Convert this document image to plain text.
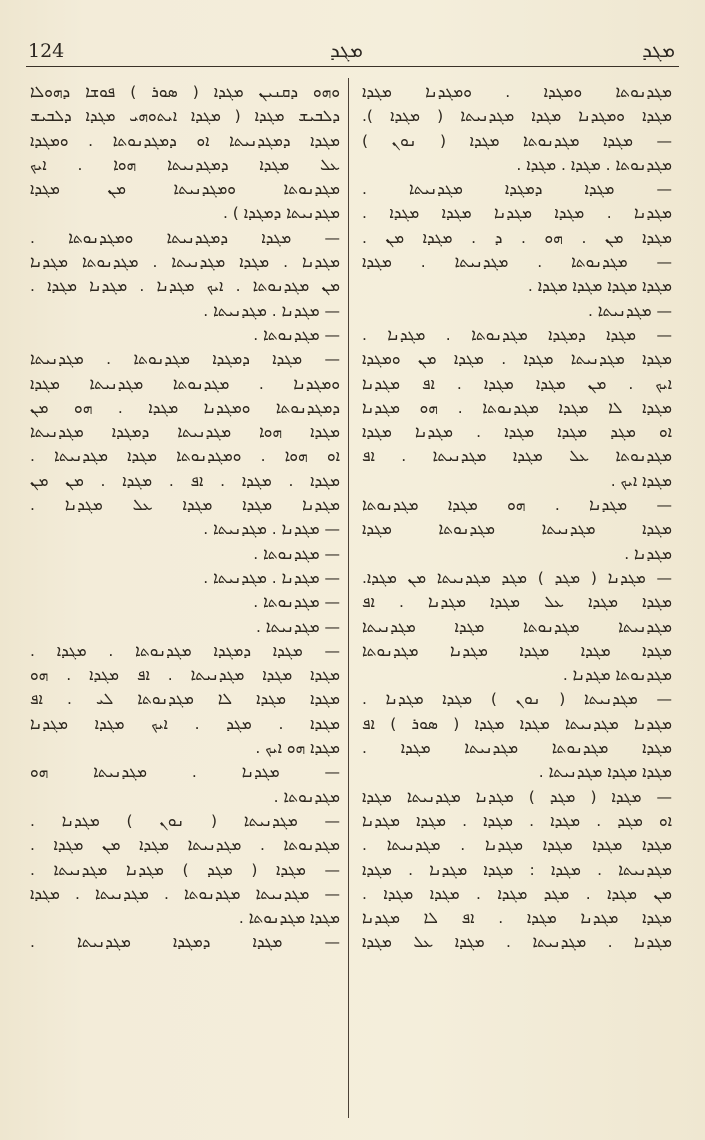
124	ܡܓܕ	ܡܓܕ
ܘܗܘ ܕܩܢܝܢ ܡܓܕܐ ( ܣܘܪ ) ܦܘܫܐ ܕܗܘܠܐ
ܕܠܒܝܫ ܡܓܕܐ ( ܡܓܕܐ ܐܝܬܘܗܝ ܡܓܕܐ ܕܠܒܝܫ
ܡܓܕܐ ܕܡܓܕܢܝܬܐ ܐܘ ܕܡܓܕܢܘܬܐ . ܘܡܓܕܐ
ܥܠ ܡܓܕܐ ܕܡܓܕܢܝܬܐ ܗܘܐ . ܐܝܟ
ܡܓܕܢܘܬܐ ܘܡܓܕܢܝܬܐ ܡܢ ܡܓܕܐ
ܡܓܕܢܝܬܐ ܕܡܓܕܐ ) .
— ܡܓܕܐ ܕܡܓܕܢܝܬܐ ܘܡܓܕܢܘܬܐ .
ܡܓܕܢܐ . ܡܓܕܐ ܡܓܕܢܝܬܐ . ܡܓܕܢܘܬܐ ܡܓܕܢܐ
ܡܢ ܡܓܕܢܘܬܐ . ܐܝܟ ܡܓܕܢܐ . ܡܓܕܢܐ ܡܓܕܐ .
— ܡܓܕܢܐ . ܡܓܕܢܝܬܐ .
— ܡܓܕܢܘܬܐ .
— ܡܓܕܐ ܕܡܓܕܐ ܡܓܕܢܘܬܐ . ܡܓܕܢܝܬܐ
ܘܡܓܕܢܐ . ܡܓܕܢܘܬܐ ܡܓܕܢܝܬܐ ܡܓܕܐ
ܕܡܓܕܢܘܬܐ ܘܡܓܕܢܐ ܡܓܕܐ . ܗܘ ܡܢ
ܡܓܕܐ ܗܘܐ ܡܓܕܢܝܬܐ ܕܡܓܕܐ ܡܓܕܢܝܬܐ
ܐܘ ܗܘܐ . ܘܡܓܕܢܘܬܐ ܡܓܕܐ ܡܓܕܢܝܬܐ .
ܡܓܕܐ . ܡܓܕܐ . ܐܦ . ܡܓܕܐ . ܡܢ ܡܢ
ܡܓܕܢܐ ܡܓܕܐ ܡܓܕܐ ܥܠ ܡܓܕܢܐ .
— ܡܓܕܢܐ . ܡܓܕܢܝܬܐ .
— ܡܓܕܢܘܬܐ .
— ܡܓܕܢܐ . ܡܓܕܢܝܬܐ .
— ܡܓܕܢܘܬܐ .
— ܡܓܕܢܝܬܐ .
— ܡܓܕܐ ܕܡܓܕܐ ܡܓܕܢܘܬܐ . ܡܓܕܐ .
ܡܓܕܐ ܡܓܕܐ ܡܓܕܢܝܬܐ . ܐܦ ܡܓܕܐ . ܗܘ
ܡܓܕܐ ܡܓܕܐ ܠܐ ܡܓܕܢܘܬܐ ܠܝ . ܐܦ
ܡܓܕܐ . ܡܓܕ . ܐܝܟ ܡܓܕܐ ܡܓܕܢܐ
ܡܓܕܐ ܗܘ ܐܝܟ .
— ܡܓܕܢܐ . ܡܓܕܢܝܬܐ ܗܘ
ܡܓܕܢܘܬܐ .
— ܡܓܕܢܝܬܐ ( ܢܘܢ ) ܡܓܕܢܐ .
ܡܓܕܢܘܬܐ . ܡܓܕܢܝܬܐ ܡܓܕܐ ܡܢ ܡܓܕܐ .
— ܡܓܕܐ ( ܡܓܕ ) ܡܓܕܢܐ ܡܓܕܢܝܬܐ .
— ܡܓܕܢܝܬܐ ܡܓܕܢܘܬܐ . ܡܓܕܢܝܬܐ . ܡܓܕܐ
ܡܓܕܐ ܡܓܕܢܘܬܐ .
— ܡܓܕܐ ܕܡܓܕܐ ܡܓܕܢܝܬܐ .
ܡܓܕܢܘܬܐ ܘܡܓܕܐ . ܘܡܓܕܢܐ ܡܓܕܐ
ܡܓܕܐ ܘܡܓܕܢܐ ܡܓܕܐ ܡܓܕܢܝܬܐ ( ܡܓܕܐ ).
— ܡܓܕܐ ܡܓܕܢܘܬܐ ܡܓܕܐ ( ܢܘܢ )
ܡܓܕܢܘܬܐ . ܡܓܕܐ . ܡܓܕܐ .
— ܡܓܕܐ ܕܡܓܕܐ ܡܓܕܢܝܬܐ .
ܡܓܕܢܐ . ܡܓܕܐ ܡܓܕܢܐ ܡܓܕܐ ܡܓܕܐ .
ܡܓܕܐ ܡܢ . ܗܘ . ܕ . ܡܓܕܐ ܡܢ .
— ܡܓܕܢܘܬܐ . ܡܓܕܢܝܬܐ . ܡܓܕܐ
ܡܓܕܐ ܡܓܕܐ ܡܓܕܐ ܡܓܕܐ .
— ܡܓܕܢܝܬܐ .
— ܡܓܕܐ ܕܡܓܕܐ ܡܓܕܢܘܬܐ . ܡܓܕܢܐ .
ܡܓܕܐ ܡܓܕܢܝܬܐ ܡܓܕܐ . ܡܓܕܐ ܡܢ ܘܡܓܕܐ
ܐܝܟ . ܡܢ ܡܓܕܐ ܡܓܕܐ . ܐܦ ܡܓܕܢܐ
ܡܓܕܐ ܠܐ ܡܓܕܐ ܡܓܕܢܘܬܐ . ܗܘ ܡܓܕܢܐ
ܐܘ ܡܓܕ ܡܓܕܐ ܡܓܕܐ . ܡܓܕܢܐ ܡܓܕܐ
ܡܓܕܢܘܬܐ ܥܠ ܡܓܕܐ ܡܓܕܢܝܬܐ . ܐܦ
ܡܓܕܐ ܐܝܟ .
— ܡܓܕܢܐ . ܗܘ ܡܓܕܐ ܡܓܕܢܘܬܐ
ܡܓܕܐ ܡܓܕܢܝܬܐ ܡܓܕܢܘܬܐ ܡܓܕܐ
ܡܓܕܢܐ .
— ܡܓܕܢܐ ( ܡܓܕ ) ܡܓܕ ܡܓܕܢܝܬܐ ܡܢ ܡܓܕܐ.
ܡܓܕܐ ܡܓܕܐ ܥܠ ܡܓܕܐ ܡܓܕܢܐ . ܐܦ
ܡܓܕܢܝܬܐ ܡܓܕܢܘܬܐ ܡܓܕܐ ܡܓܕܢܝܬܐ
ܡܓܕܐ ܡܓܕܐ ܡܓܕܐ ܡܓܕܢܐ ܡܓܕܢܘܬܐ
ܡܓܕܢܘܬܐ ܡܓܕܢܐ .
— ܡܓܕܢܝܬܐ ( ܢܘܢ ) ܡܓܕܐ ܡܓܕܢܐ .
ܡܓܕܢܐ ܡܓܕܢܝܬܐ ܡܓܕܐ ܡܓܕܐ ( ܣܘܪ ) ܐܦ
ܡܓܕܐ ܡܓܕܢܘܬܐ ܡܓܕܢܝܬܐ ܡܓܕܐ .
ܡܓܕܐ ܡܓܕܐ ܡܓܕܢܝܬܐ .
— ܡܓܕܐ ( ܡܓܕ ) ܡܓܕܢܐ ܡܓܕܢܝܬܐ ܡܓܕܐ
ܐܘ ܡܓܕ . ܡܓܕܐ . ܡܓܕܐ . ܡܓܕܐ ܡܓܕܢܐ
ܡܓܕܐ ܡܓܕܐ ܡܓܕܐ ܡܓܕܢܐ . ܡܓܕܢܝܬܐ .
ܡܓܕܢܝܬܐ . ܡܓܕܐ : ܡܓܕܐ ܡܓܕܢܐ . ܡܓܕܐ
ܡܢ ܡܓܕܐ . ܡܓܕ ܡܓܕܐ . ܡܓܕܐ ܡܓܕܐ .
ܡܓܕܐ ܡܓܕܢܐ ܡܓܕܐ . ܐܦ ܠܐ ܡܓܕܢܐ
ܡܓܕܢܐ . ܡܓܕܢܝܬܐ . ܡܓܕܐ ܥܠ ܡܓܕܐ
